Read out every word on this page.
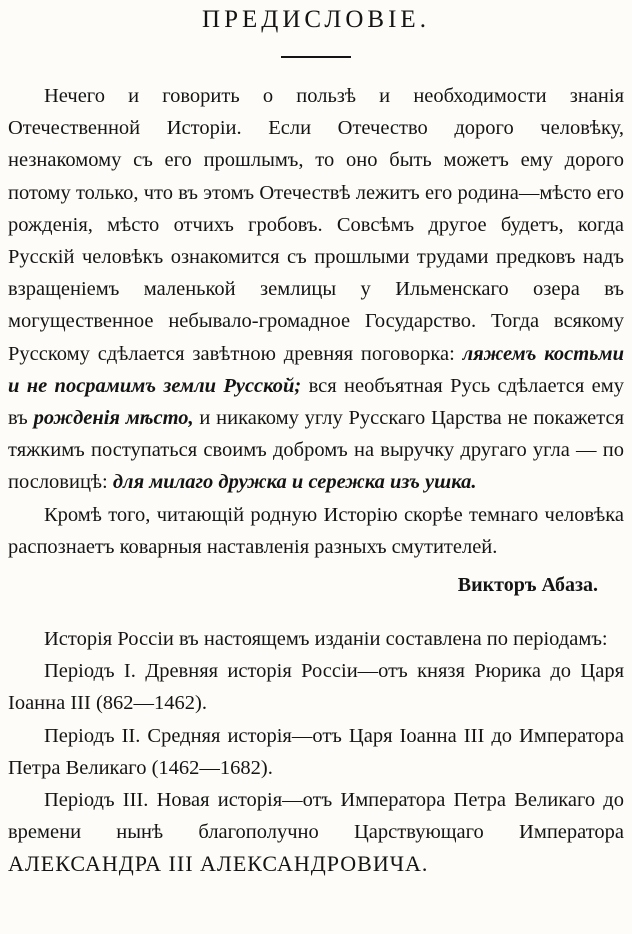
ПРЕДИСЛОВІЕ.

Нечего и говорить о пользѣ и необходимости знанія Отечественной Исторіи. Если Отечество дорого человѣку, незнакомому съ его прошлымъ, то оно быть можетъ ему дорого потому только, что въ этомъ Отечествѣ лежитъ его родина—мѣсто его рожденія, мѣсто отчихъ гробовъ. Совсѣмъ другое будетъ, когда Русскій человѣкъ ознакомится съ прошлыми трудами предковъ надъ взращеніемъ маленькой землицы у Ильменскаго озера въ могущественное небывало-громадное Государство. Тогда всякому Русскому сдѣлается завѣтною древняя поговорка: ляжемъ костьми и не посрамимъ земли Русской; вся необъятная Русь сдѣлается ему въ рожденія мѣсто, и никакому углу Русскаго Царства не покажется тяжкимъ поступаться своимъ добромъ на выручку другаго угла — по пословицѣ: для милаго дружка и сережка изъ ушка.

Кромѣ того, читающій родную Исторію скорѣе темнаго человѣка распознаетъ коварныя наставленія разныхъ смутителей.

Викторъ Абаза.

Исторія Россіи въ настоящемъ изданіи составлена по періодамъ:

Періодъ I. Древняя исторія Россіи—отъ князя Рюрика до Царя Іоанна III (862—1462).

Періодъ II. Средняя исторія—отъ Царя Іоанна III до Императора Петра Великаго (1462—1682).

Періодъ III. Новая исторія—отъ Императора Петра Великаго до времени нынѣ благополучно Царствующаго Императора АЛЕКСАНДРА III АЛЕКСАНДРОВИЧА.
